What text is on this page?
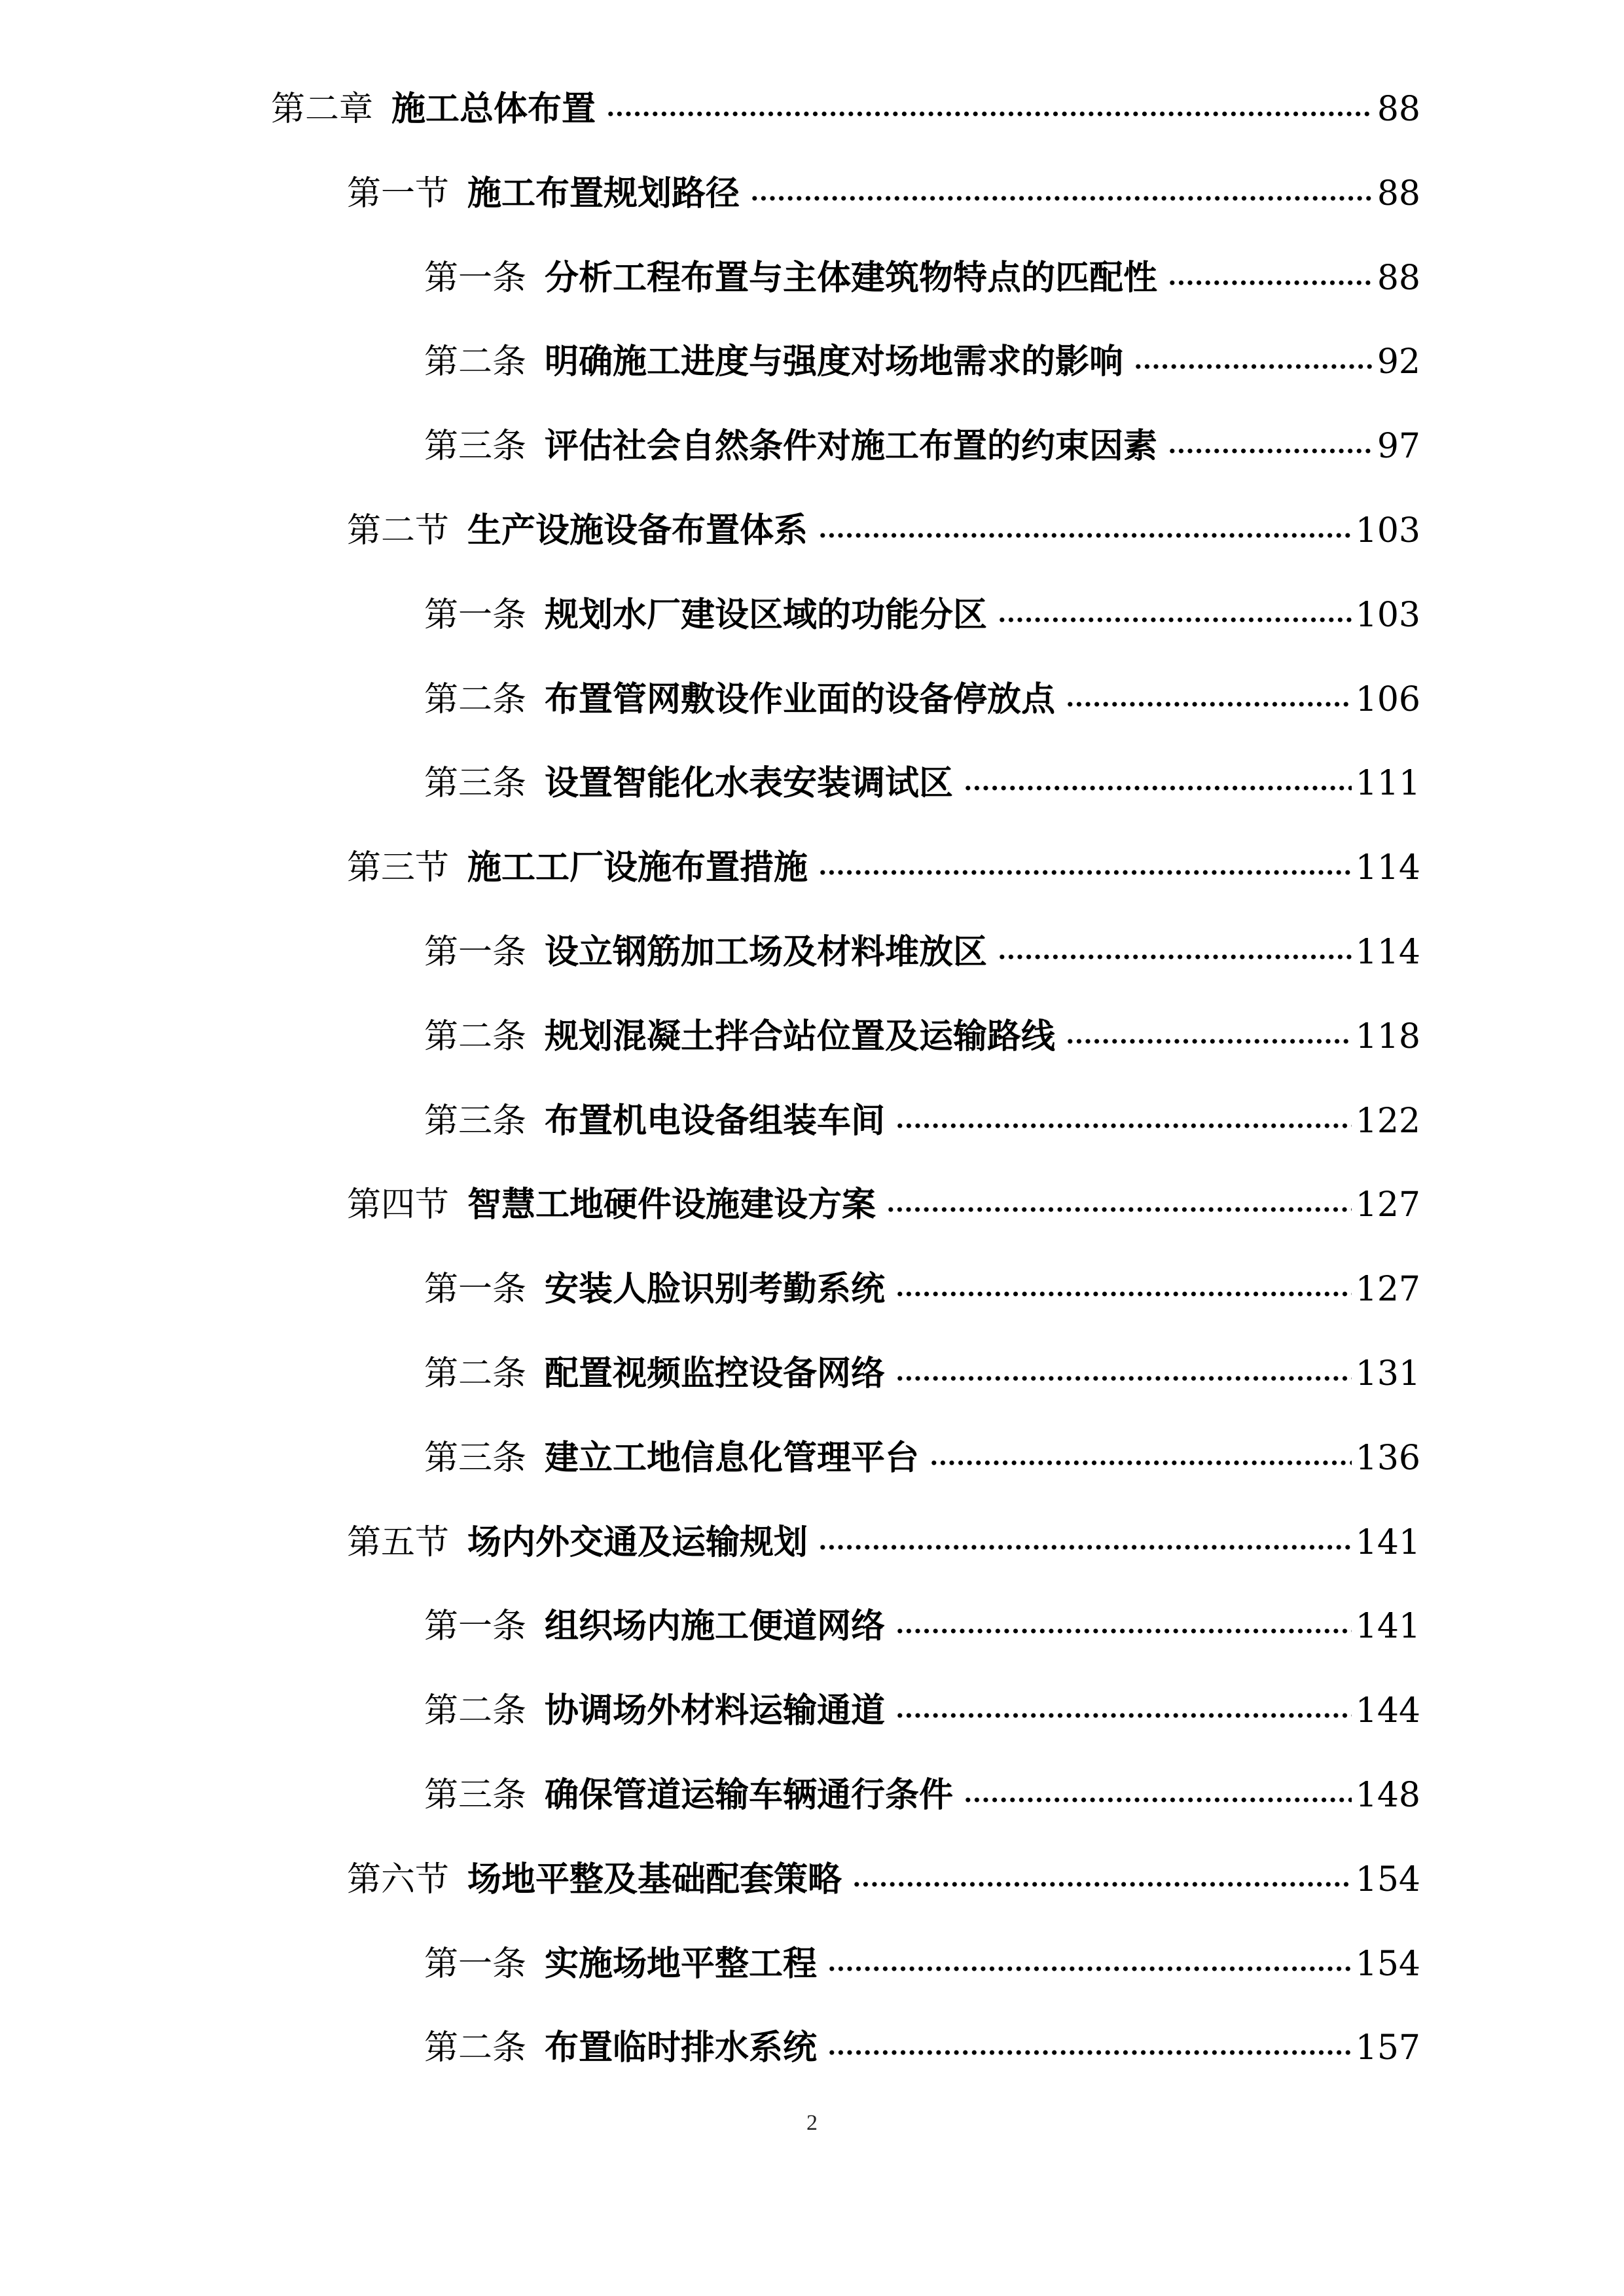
第二章 施工总体布置	88
第一节 施工布置规划路径	88
第一条 分析工程布置与主体建筑物特点的匹配性	88
第二条 明确施工进度与强度对场地需求的影响	92
第三条 评估社会自然条件对施工布置的约束因素	97
第二节 生产设施设备布置体系	103
第一条 规划水厂建设区域的功能分区	103
第二条 布置管网敷设作业面的设备停放点	106
第三条 设置智能化水表安装调试区	111
第三节 施工工厂设施布置措施	114
第一条 设立钢筋加工场及材料堆放区	114
第二条 规划混凝土拌合站位置及运输路线	118
第三条 布置机电设备组装车间	122
第四节 智慧工地硬件设施建设方案	127
第一条 安装人脸识别考勤系统	127
第二条 配置视频监控设备网络	131
第三条 建立工地信息化管理平台	136
第五节 场内外交通及运输规划	141
第一条 组织场内施工便道网络	141
第二条 协调场外材料运输通道	144
第三条 确保管道运输车辆通行条件	148
第六节 场地平整及基础配套策略	154
第一条 实施场地平整工程	154
第二条 布置临时排水系统	157
2
